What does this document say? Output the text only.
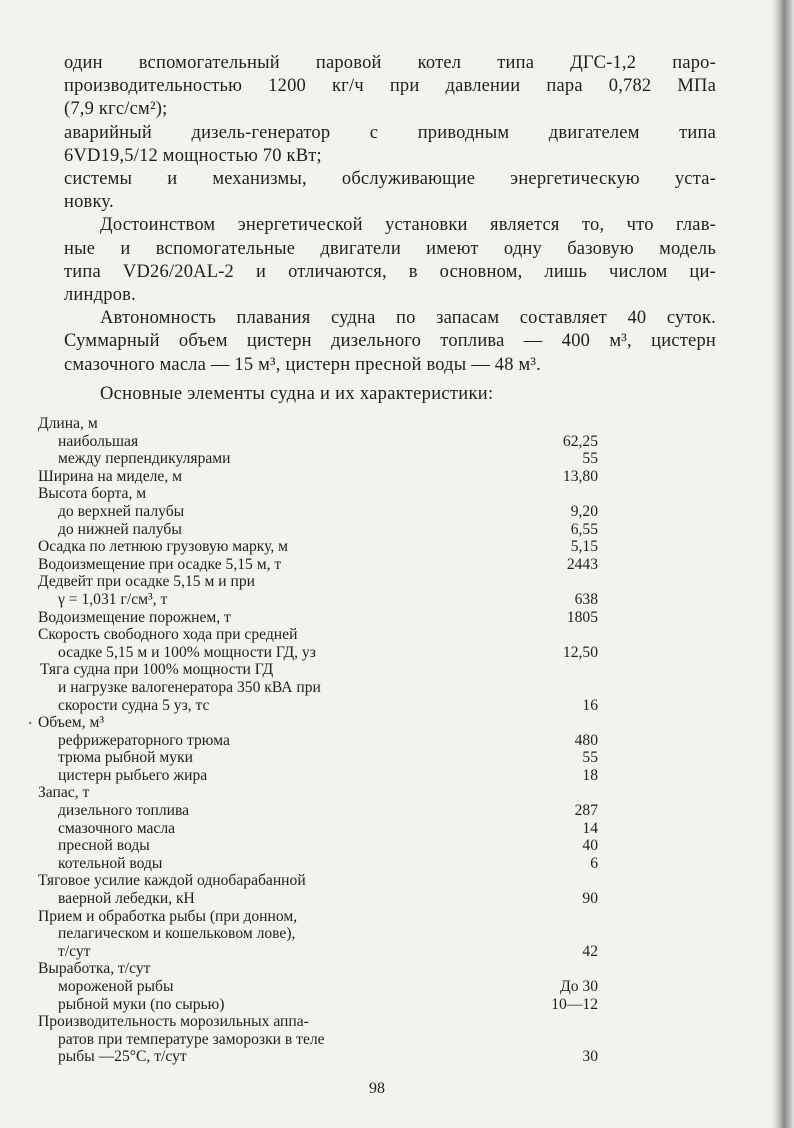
один вспомогательный паровой котел типа ДГС-1,2 паро-

производительностью 1200 кг/ч при давлении пара 0,782 МПа

(7,9 кгс/см²);

аварийный дизель-генератор с приводным двигателем типа

6VD19,5/12 мощностью 70 кВт;

системы и механизмы, обслуживающие энергетическую уста-

новку.

Достоинством энергетической установки является то, что глав-

ные и вспомогательные двигатели имеют одну базовую модель

типа VD26/20AL-2 и отличаются, в основном, лишь числом ци-

линдров.

Автономность плавания судна по запасам составляет 40 суток.

Суммарный объем цистерн дизельного топлива — 400 м³, цистерн

смазочного масла — 15 м³, цистерн пресной воды — 48 м³.

Основные элементы судна и их характеристики:
•
Длина, м
наибольшая	62,25
между перпендикулярами	55
Ширина на миделе, м	13,80
Высота борта, м
до верхней палубы	9,20
до нижней палубы	6,55
Осадка по летнюю грузовую марку, м	5,15
Водоизмещение при осадке 5,15 м, т	2443
Дедвейт при осадке 5,15 м и при
γ = 1,031 г/см³, т	638
Водоизмещение порожнем, т	1805
Скорость свободного хода при средней
осадке 5,15 м и 100% мощности ГД, уз	12,50
Тяга судна при 100% мощности ГД
и нагрузке валогенератора 350 кВА при
скорости судна 5 уз, тс	16
Объем, м³
рефрижераторного трюма	480
трюма рыбной муки	55
цистерн рыбьего жира	18
Запас, т
дизельного топлива	287
смазочного масла	14
пресной воды	40
котельной воды	6
Тяговое усилие каждой однобарабанной
ваерной лебедки, кН	90
Прием и обработка рыбы (при донном,
пелагическом и кошельковом лове),
т/сут	42
Выработка, т/сут
мороженой рыбы	До 30
рыбной муки (по сырью)	10—12
Производительность морозильных аппа-
ратов при температуре заморозки в теле
рыбы —25°С, т/сут	30
98
